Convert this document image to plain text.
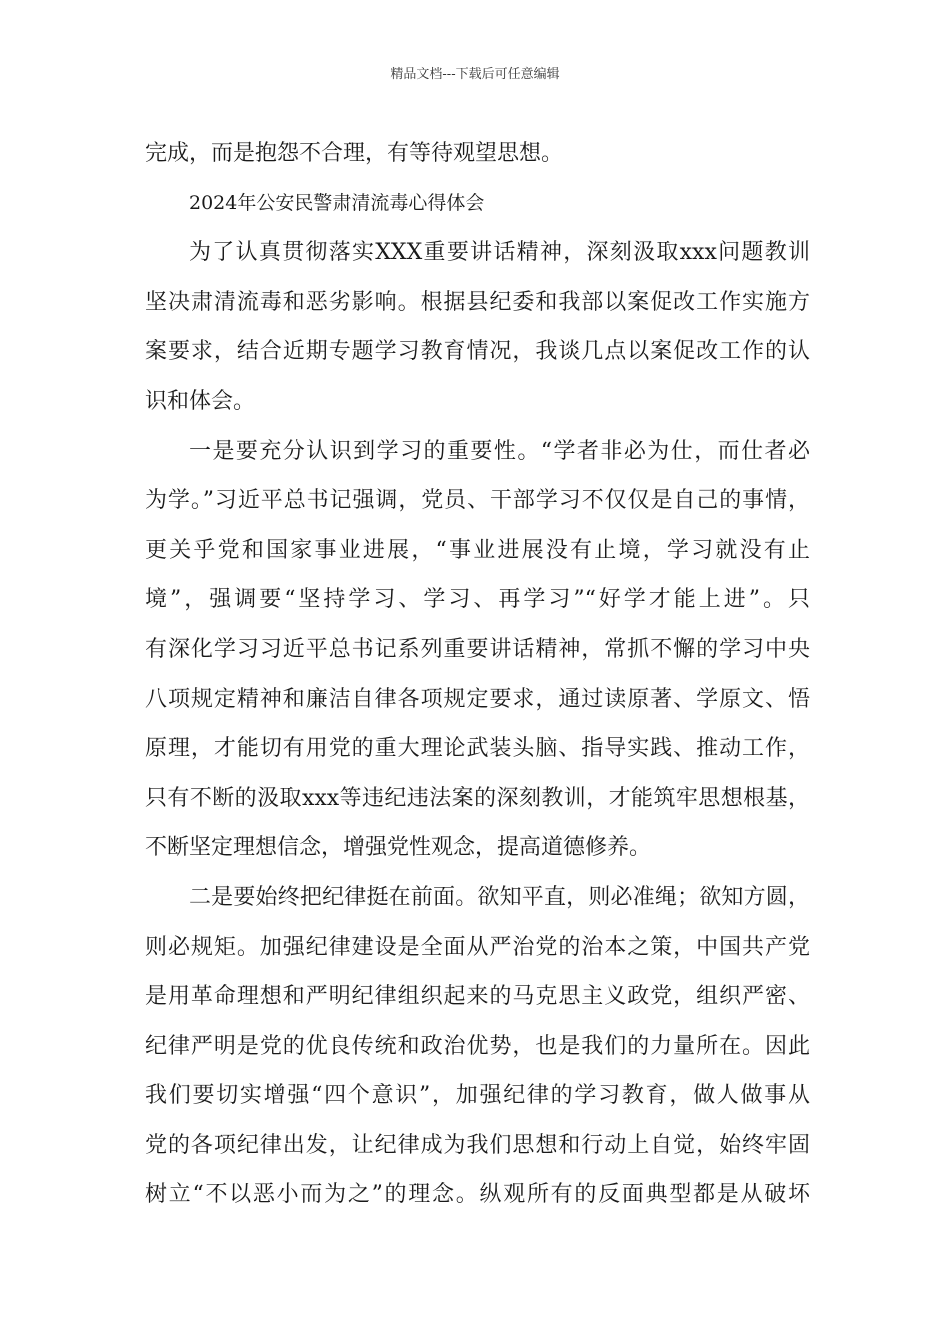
精品文档---下载后可任意编辑
完成，而是抱怨不合理，有等待观望思想。
2024年公安民警肃清流毒心得体会
为了认真贯彻落实XXX重要讲话精神，深刻汲取xxx问题教训
坚决肃清流毒和恶劣影响。根据县纪委和我部以案促改工作实施方
案要求，结合近期专题学习教育情况，我谈几点以案促改工作的认
识和体会。
一是要充分认识到学习的重要性。“学者非必为仕，而仕者必
为学。”习近平总书记强调，党员、干部学习不仅仅是自己的事情，
更关乎党和国家事业进展，“事业进展没有止境，学习就没有止
境”，强调要“坚持学习、学习、再学习”“好学才能上进”。只
有深化学习习近平总书记系列重要讲话精神，常抓不懈的学习中央
八项规定精神和廉洁自律各项规定要求，通过读原著、学原文、悟
原理，才能切有用党的重大理论武装头脑、指导实践、推动工作，
只有不断的汲取xxx等违纪违法案的深刻教训，才能筑牢思想根基，
不断坚定理想信念，增强党性观念，提高道德修养。
二是要始终把纪律挺在前面。欲知平直，则必准绳；欲知方圆，
则必规矩。加强纪律建设是全面从严治党的治本之策，中国共产党
是用革命理想和严明纪律组织起来的马克思主义政党，组织严密、
纪律严明是党的优良传统和政治优势，也是我们的力量所在。因此
我们要切实增强“四个意识”，加强纪律的学习教育，做人做事从
党的各项纪律出发，让纪律成为我们思想和行动上自觉，始终牢固
树立“不以恶小而为之”的理念。纵观所有的反面典型都是从破坏
